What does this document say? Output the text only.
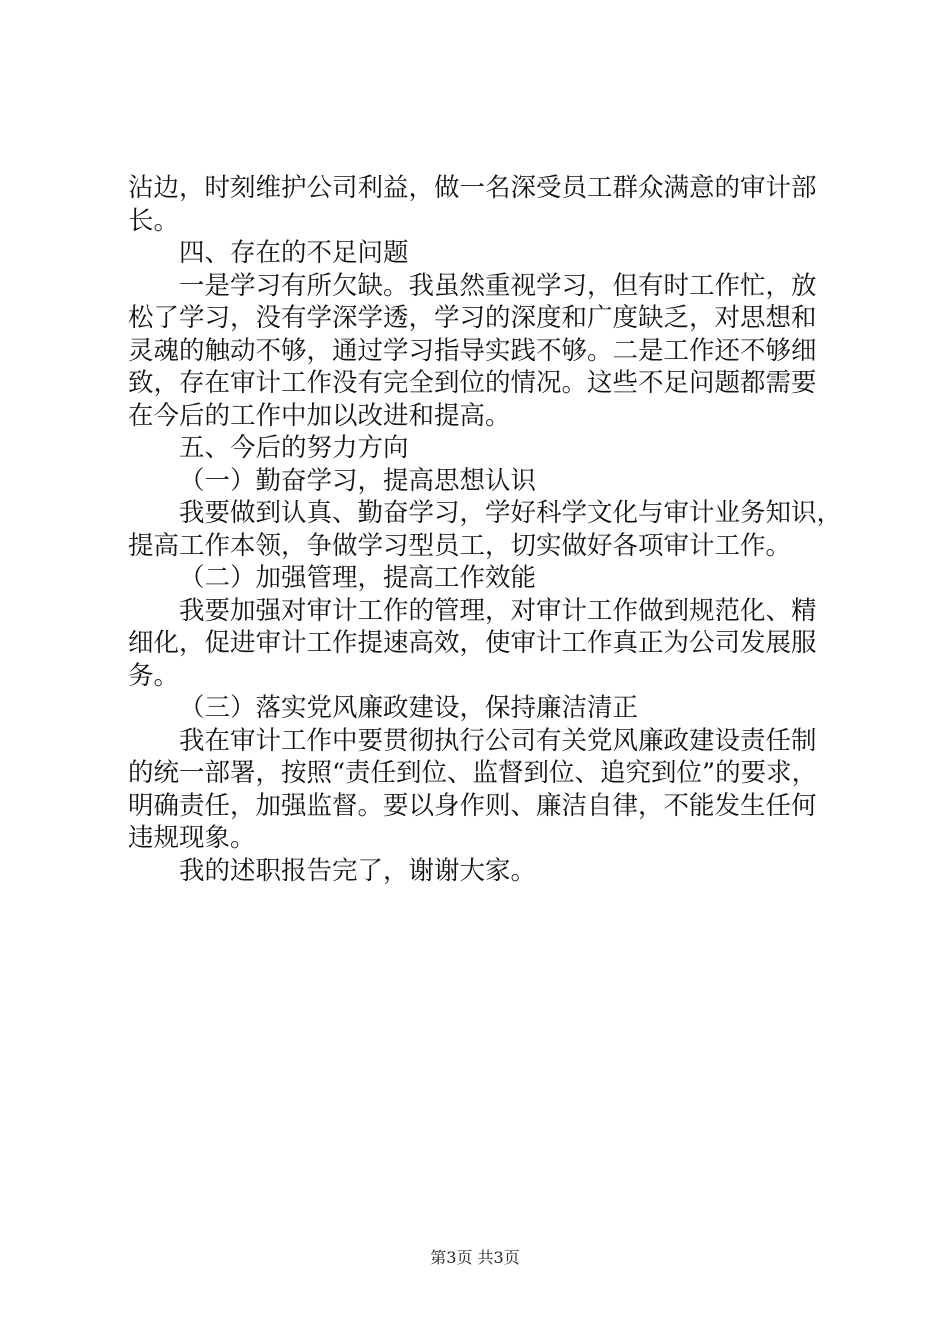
沾边，时刻维护公司利益，做一名深受员工群众满意的审计部

长。

四、存在的不足问题

一是学习有所欠缺。我虽然重视学习，但有时工作忙，放

松了学习，没有学深学透，学习的深度和广度缺乏，对思想和

灵魂的触动不够，通过学习指导实践不够。二是工作还不够细

致，存在审计工作没有完全到位的情况。这些不足问题都需要

在今后的工作中加以改进和提高。

五、今后的努力方向

（一）勤奋学习，提高思想认识

我要做到认真、勤奋学习，学好科学文化与审计业务知识，

提高工作本领，争做学习型员工，切实做好各项审计工作。

（二）加强管理，提高工作效能

我要加强对审计工作的管理，对审计工作做到规范化、精

细化，促进审计工作提速高效，使审计工作真正为公司发展服

务。

（三）落实党风廉政建设，保持廉洁清正

我在审计工作中要贯彻执行公司有关党风廉政建设责任制

的统一部署，按照“责任到位、监督到位、追究到位”的要求，

明确责任，加强监督。要以身作则、廉洁自律，不能发生任何

违规现象。

我的述职报告完了，谢谢大家。

第3页 共3页
